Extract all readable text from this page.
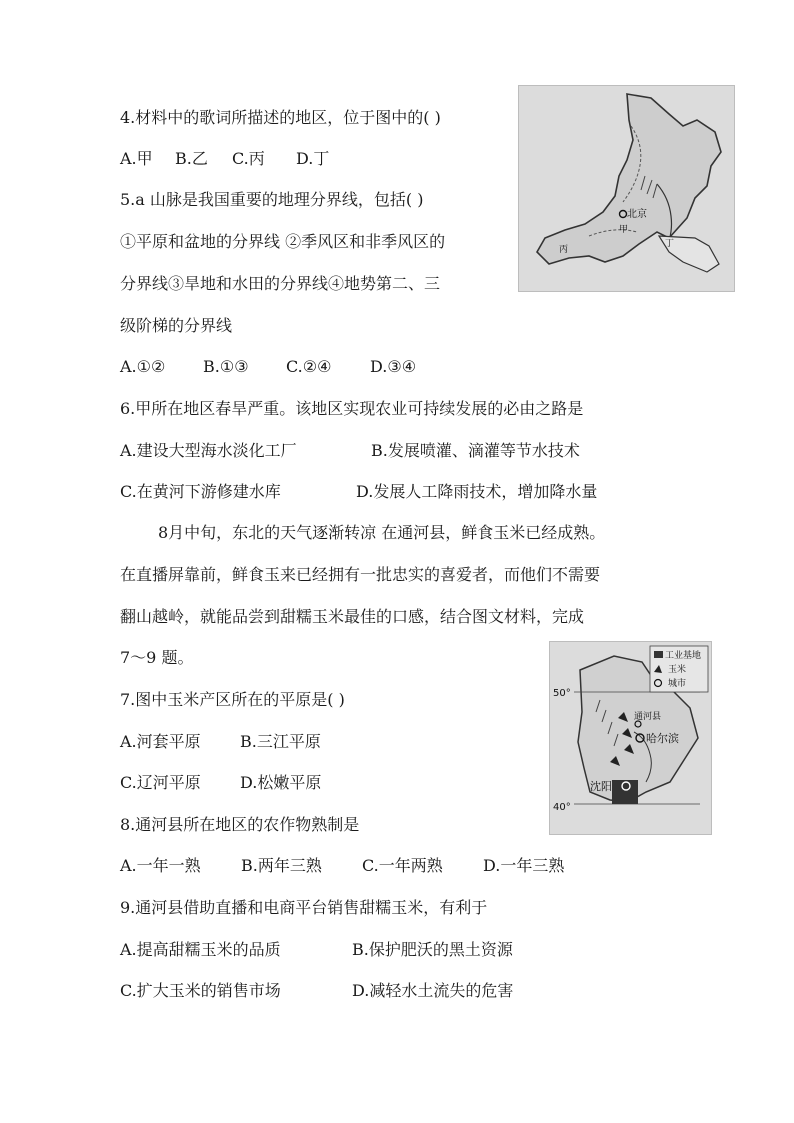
4.材料中的歌词所描述的地区，位于图中的( )
A.甲 B.乙 C.丙 D.丁
5.a 山脉是我国重要的地理分界线，包括( )
①平原和盆地的分界线 ②季风区和非季风区的
分界线③旱地和水田的分界线④地势第二、三
级阶梯的分界线
A.①② B.①③ C.②④ D.③④
6.甲所在地区春旱严重。该地区实现农业可持续发展的必由之路是
A.建设大型海水淡化工厂	B.发展喷灌、滴灌等节水技术
C.在黄河下游修建水库	D.发展人工降雨技术，增加降水量
8月中旬，东北的天气逐渐转凉 在通河县，鲜食玉米已经成熟。
在直播屏靠前，鲜食玉来已经拥有一批忠实的喜爱者，而他们不需要
翻山越岭，就能品尝到甜糯玉米最佳的口感，结合图文材料，完成
7～9 题。
7.图中玉米产区所在的平原是( )
A.河套平原 B.三江平原
C.辽河平原 D.松嫩平原
8.通河县所在地区的农作物熟制是
A.一年一熟	B.两年三熟	C.一年两熟	D.一年三熟
9.通河县借助直播和电商平台销售甜糯玉米，有利于
A.提高甜糯玉米的品质	B.保护肥沃的黑土资源
C.扩大玉米的销售市场	D.减轻水土流失的危害
北京
甲
丁
丙
工业基地
玉米
城市
通河县
哈尔滨
沈阳
50°
40°
